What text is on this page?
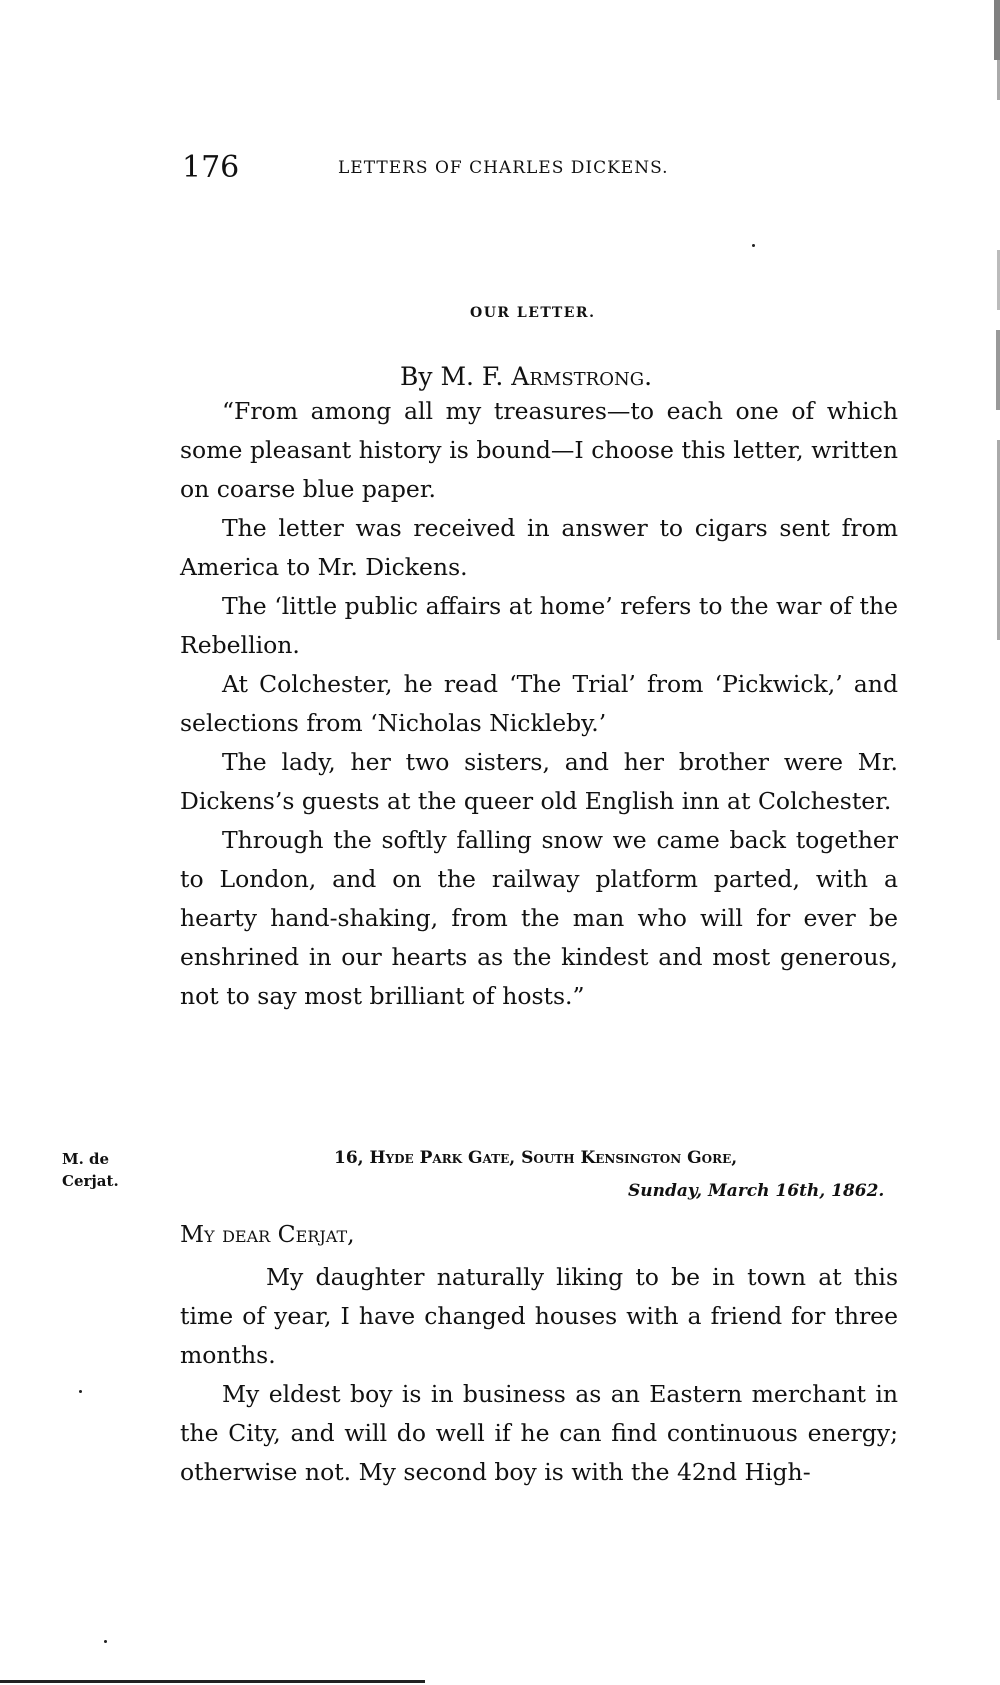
176	LETTERS OF CHARLES DICKENS.
OUR LETTER.
By M. F. Armstrong.

“From among all my treasures—to each one of which some pleasant history is bound—I choose this letter, written on coarse blue paper.

The letter was received in answer to cigars sent from America to Mr. Dickens.

The ‘little public affairs at home’ refers to the war of the Rebellion.

At Colchester, he read ‘The Trial’ from ‘Pickwick,’ and selections from ‘Nicholas Nickleby.’

The lady, her two sisters, and her brother were Mr. Dickens’s guests at the queer old English inn at Colchester.

Through the softly falling snow we came back together to London, and on the railway platform parted, with a hearty hand-shaking, from the man who will for ever be enshrined in our hearts as the kindest and most generous, not to say most brilliant of hosts.”

M. de
Cerjat.
16, Hyde Park Gate, South Kensington Gore,
Sunday, March 16th, 1862.
My dear Cerjat,

My daughter naturally liking to be in town at this time of year, I have changed houses with a friend for three months.

My eldest boy is in business as an Eastern merchant in the City, and will do well if he can find continuous energy; otherwise not. My second boy is with the 42nd High-
